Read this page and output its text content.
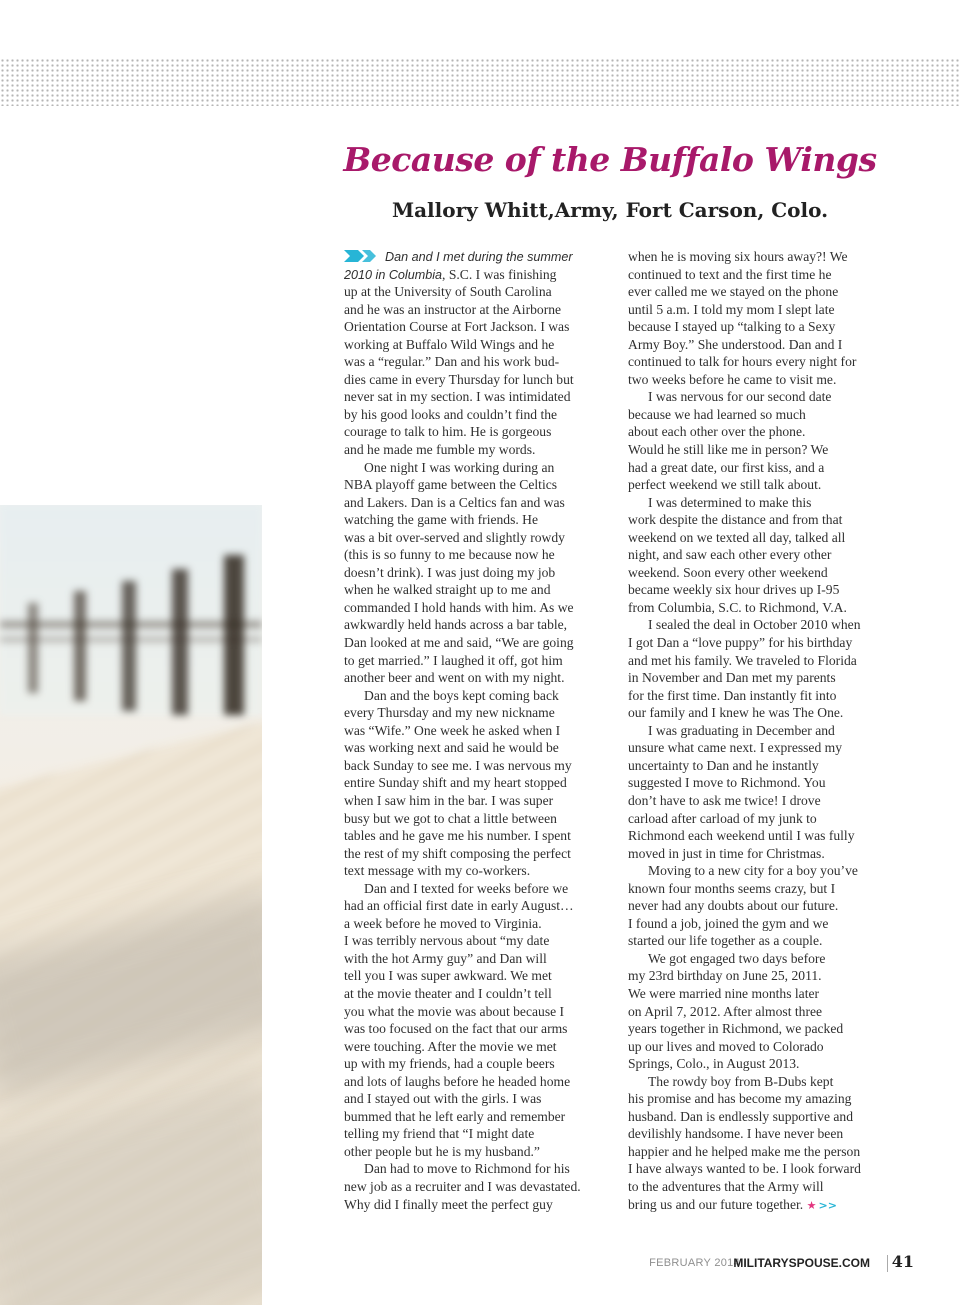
Because of the Buffalo Wings
Mallory Whitt,Army, Fort Carson, Colo.
Dan and I met during the summer
2010 in Columbia, S.C. I was finishing
up at the University of South Carolina
and he was an instructor at the Airborne
Orientation Course at Fort Jackson. I was
working at Buffalo Wild Wings and he
was a “regular.” Dan and his work bud-
dies came in every Thursday for lunch but
never sat in my section. I was intimidated
by his good looks and couldn’t find the
courage to talk to him. He is gorgeous
and he made me fumble my words.
One night I was working during an
NBA playoff game between the Celtics
and Lakers. Dan is a Celtics fan and was
watching the game with friends. He
was a bit over-served and slightly rowdy
(this is so funny to me because now he
doesn’t drink). I was just doing my job
when he walked straight up to me and
commanded I hold hands with him. As we
awkwardly held hands across a bar table,
Dan looked at me and said, “We are going
to get married.” I laughed it off, got him
another beer and went on with my night.
Dan and the boys kept coming back
every Thursday and my new nickname
was “Wife.” One week he asked when I
was working next and said he would be
back Sunday to see me. I was nervous my
entire Sunday shift and my heart stopped
when I saw him in the bar. I was super
busy but we got to chat a little between
tables and he gave me his number. I spent
the rest of my shift composing the perfect
text message with my co-workers.
Dan and I texted for weeks before we
had an official first date in early August…
a week before he moved to Virginia.
I was terribly nervous about “my date
with the hot Army guy” and Dan will
tell you I was super awkward. We met
at the movie theater and I couldn’t tell
you what the movie was about because I
was too focused on the fact that our arms
were touching. After the movie we met
up with my friends, had a couple beers
and lots of laughs before he headed home
and I stayed out with the girls. I was
bummed that he left early and remember
telling my friend that “I might date
other people but he is my husband.”
Dan had to move to Richmond for his
new job as a recruiter and I was devastated.
Why did I finally meet the perfect guy
when he is moving six hours away?! We
continued to text and the first time he
ever called me we stayed on the phone
until 5 a.m. I told my mom I slept late
because I stayed up “talking to a Sexy
Army Boy.” She understood. Dan and I
continued to talk for hours every night for
two weeks before he came to visit me.
I was nervous for our second date
because we had learned so much
about each other over the phone.
Would he still like me in person? We
had a great date, our first kiss, and a
perfect weekend we still talk about.
I was determined to make this
work despite the distance and from that
weekend on we texted all day, talked all
night, and saw each other every other
weekend. Soon every other weekend
became weekly six hour drives up I-95
from Columbia, S.C. to Richmond, V.A.
I sealed the deal in October 2010 when
I got Dan a “love puppy” for his birthday
and met his family. We traveled to Florida
in November and Dan met my parents
for the first time. Dan instantly fit into
our family and I knew he was The One.
I was graduating in December and
unsure what came next. I expressed my
uncertainty to Dan and he instantly
suggested I move to Richmond. You
don’t have to ask me twice! I drove
carload after carload of my junk to
Richmond each weekend until I was fully
moved in just in time for Christmas.
Moving to a new city for a boy you’ve
known four months seems crazy, but I
never had any doubts about our future.
I found a job, joined the gym and we
started our life together as a couple.
We got engaged two days before
my 23rd birthday on June 25, 2011.
We were married nine months later
on April 7, 2012. After almost three
years together in Richmond, we packed
up our lives and moved to Colorado
Springs, Colo., in August 2013.
The rowdy boy from B-Dubs kept
his promise and has become my amazing
husband. Dan is endlessly supportive and
devilishly handsome. I have never been
happier and he helped make me the person
I have always wanted to be. I look forward
to the adventures that the Army will
bring us and our future together. ★ >>
FEBRUARY 2014
MILITARYSPOUSE.COM 41
